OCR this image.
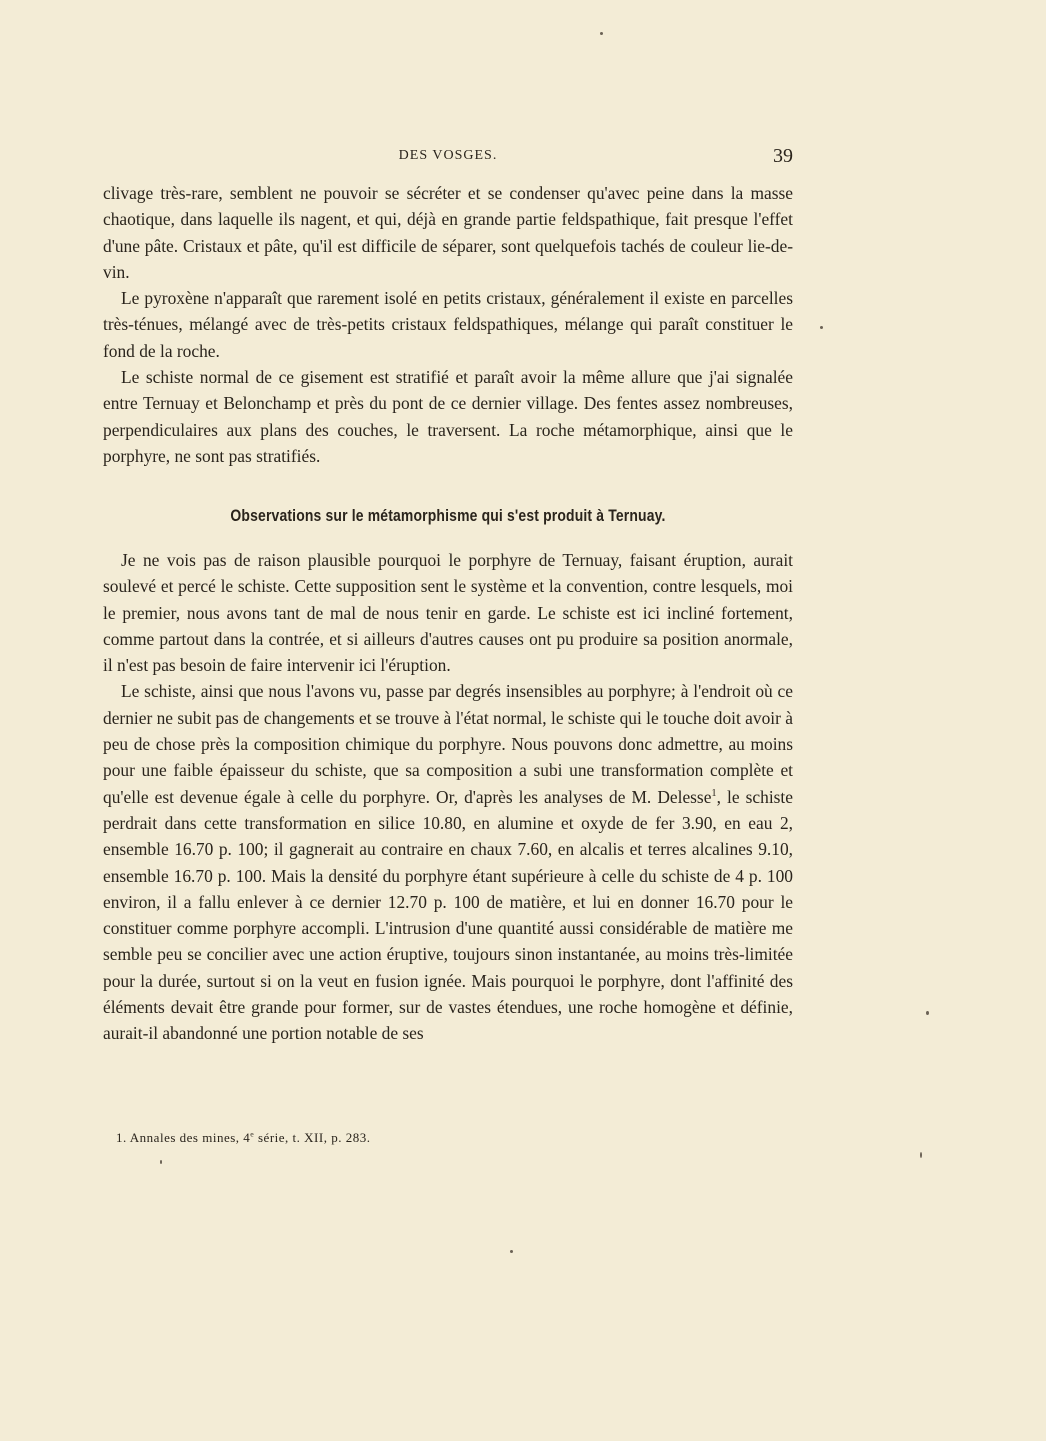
DES VOSGES.	39

clivage très-rare, semblent ne pouvoir se sécréter et se condenser qu'avec peine dans la masse chaotique, dans laquelle ils nagent, et qui, déjà en grande partie feldspathique, fait presque l'effet d'une pâte. Cristaux et pâte, qu'il est difficile de séparer, sont quelquefois tachés de couleur lie-de-vin.

Le pyroxène n'apparaît que rarement isolé en petits cristaux, généralement il existe en parcelles très-ténues, mélangé avec de très-petits cristaux feldspathiques, mélange qui paraît constituer le fond de la roche.

Le schiste normal de ce gisement est stratifié et paraît avoir la même allure que j'ai signalée entre Ternuay et Belonchamp et près du pont de ce dernier village. Des fentes assez nombreuses, perpendiculaires aux plans des couches, le traversent. La roche métamorphique, ainsi que le porphyre, ne sont pas stratifiés.

Observations sur le métamorphisme qui s'est produit à Ternuay.

Je ne vois pas de raison plausible pourquoi le porphyre de Ternuay, faisant éruption, aurait soulevé et percé le schiste. Cette supposition sent le système et la convention, contre lesquels, moi le premier, nous avons tant de mal de nous tenir en garde. Le schiste est ici incliné fortement, comme partout dans la contrée, et si ailleurs d'autres causes ont pu produire sa position anormale, il n'est pas besoin de faire intervenir ici l'éruption.

Le schiste, ainsi que nous l'avons vu, passe par degrés insensibles au porphyre; à l'endroit où ce dernier ne subit pas de changements et se trouve à l'état normal, le schiste qui le touche doit avoir à peu de chose près la composition chimique du porphyre. Nous pouvons donc admettre, au moins pour une faible épaisseur du schiste, que sa composition a subi une transformation complète et qu'elle est devenue égale à celle du porphyre. Or, d'après les analyses de M. Delesse$^1$, le schiste perdrait dans cette transformation en silice 10.80, en alumine et oxyde de fer 3.90, en eau 2, ensemble 16.70 p. 100; il gagnerait au contraire en chaux 7.60, en alcalis et terres alcalines 9.10, ensemble 16.70 p. 100. Mais la densité du porphyre étant supérieure à celle du schiste de 4 p. 100 environ, il a fallu enlever à ce dernier 12.70 p. 100 de matière, et lui en donner 16.70 pour le constituer comme porphyre accompli. L'intrusion d'une quantité aussi considérable de matière me semble peu se concilier avec une action éruptive, toujours sinon instantanée, au moins très-limitée pour la durée, surtout si on la veut en fusion ignée. Mais pourquoi le porphyre, dont l'affinité des éléments devait être grande pour former, sur de vastes étendues, une roche homogène et définie, aurait-il abandonné une portion notable de ses

1. Annales des mines, 4e série, t. XII, p. 283.
